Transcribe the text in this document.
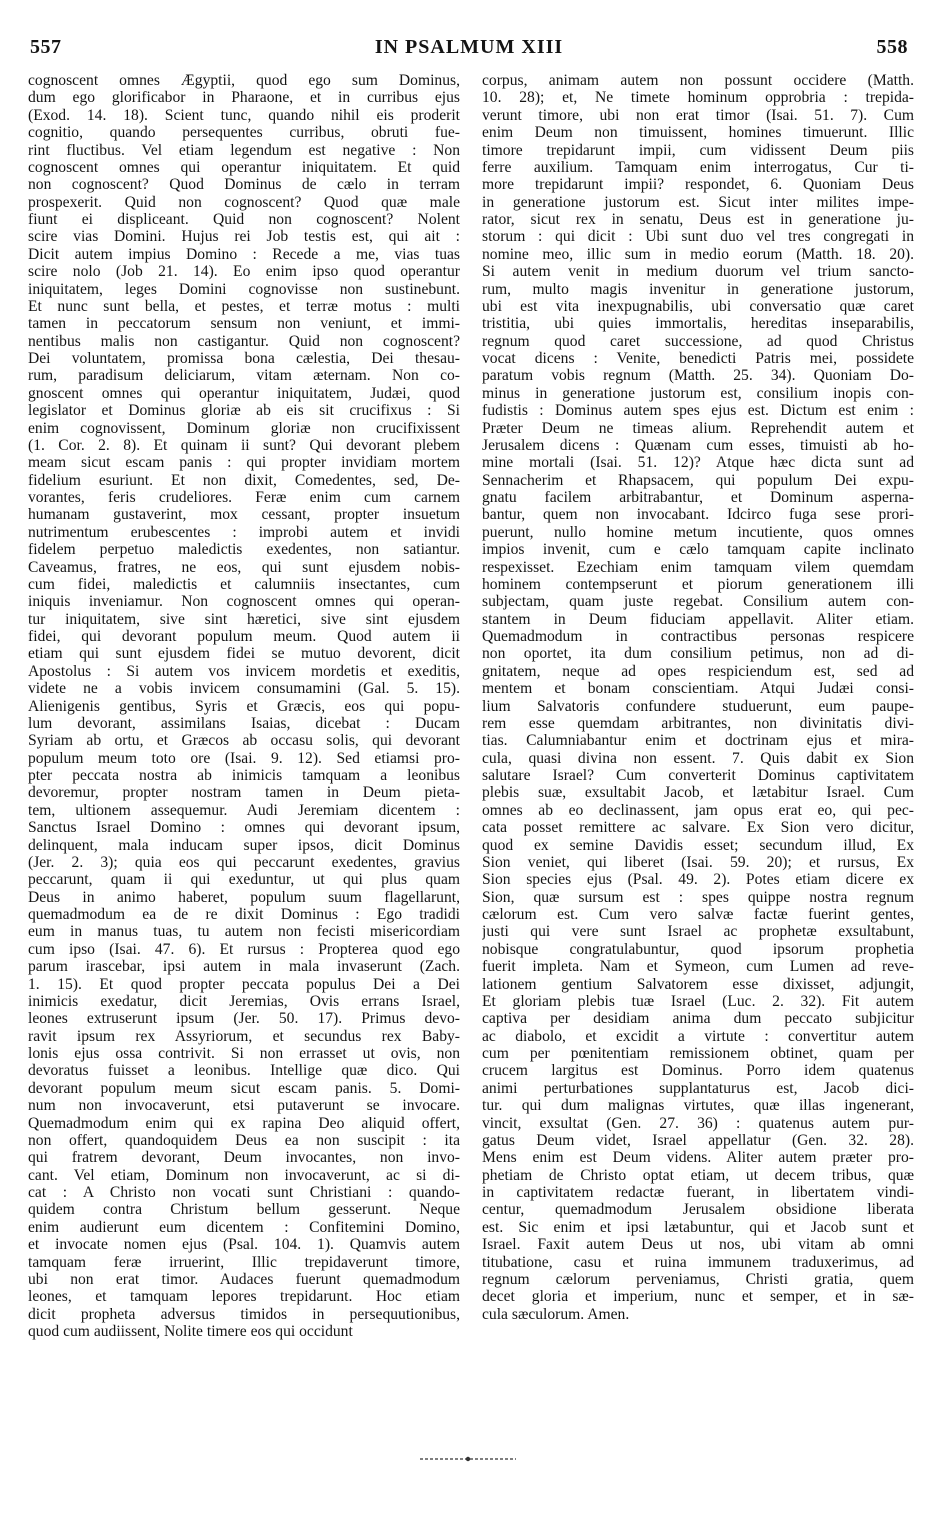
557	IN PSALMUM XIII	558
cognoscent omnes Ægyptii, quod ego sum Dominus,
dum ego glorificabor in Pharaone, et in curribus ejus
(Exod. 14. 18). Scient tunc, quando nihil eis proderit
cognitio, quando persequentes curribus, obruti fue-
rint fluctibus. Vel etiam legendum est negative : Non
cognoscent omnes qui operantur iniquitatem. Et quid
non cognoscent? Quod Dominus de cælo in terram
prospexerit. Quid non cognoscent? Quod quæ male
fiunt ei displiceant. Quid non cognoscent? Nolent
scire vias Domini. Hujus rei Job testis est, qui ait :
Dicit autem impius Domino : Recede a me, vias tuas
scire nolo (Job 21. 14). Eo enim ipso quod operantur
iniquitatem, leges Domini cognovisse non sustinebunt.
Et nunc sunt bella, et pestes, et terræ motus : multi
tamen in peccatorum sensum non veniunt, et immi-
nentibus malis non castigantur. Quid non cognoscent?
Dei voluntatem, promissa bona cælestia, Dei thesau-
rum, paradisum deliciarum, vitam æternam. Non co-
gnoscent omnes qui operantur iniquitatem, Judæi, quod
legislator et Dominus gloriæ ab eis sit crucifixus : Si
enim cognovissent, Dominum gloriæ non crucifixissent
(1. Cor. 2. 8). Et quinam ii sunt? Qui devorant plebem
meam sicut escam panis : qui propter invidiam mortem
fidelium esuriunt. Et non dixit, Comedentes, sed, De-
vorantes, feris crudeliores. Feræ enim cum carnem
humanam gustaverint, mox cessant, propter insuetum
nutrimentum erubescentes : improbi autem et invidi
fidelem perpetuo maledictis exedentes, non satiantur.
Caveamus, fratres, ne eos, qui sunt ejusdem nobis-
cum fidei, maledictis et calumniis insectantes, cum
iniquis inveniamur. Non cognoscent omnes qui operan-
tur iniquitatem, sive sint hæretici, sive sint ejusdem
fidei, qui devorant populum meum. Quod autem ii
etiam qui sunt ejusdem fidei se mutuo devorent, dicit
Apostolus : Si autem vos invicem mordetis et exeditis,
videte ne a vobis invicem consumamini (Gal. 5. 15).
Alienigenis gentibus, Syris et Græcis, eos qui popu-
lum devorant, assimilans Isaias, dicebat : Ducam
Syriam ab ortu, et Græcos ab occasu solis, qui devorant
populum meum toto ore (Isai. 9. 12). Sed etiamsi pro-
pter peccata nostra ab inimicis tamquam a leonibus
devoremur, propter nostram tamen in Deum pieta-
tem, ultionem assequemur. Audi Jeremiam dicentem :
Sanctus Israel Domino : omnes qui devorant ipsum,
delinquent, mala inducam super ipsos, dicit Dominus
(Jer. 2. 3); quia eos qui peccarunt exedentes, gravius
peccarunt, quam ii qui exeduntur, ut qui plus quam
Deus in animo haberet, populum suum flagellarunt,
quemadmodum ea de re dixit Dominus : Ego tradidi
eum in manus tuas, tu autem non fecisti misericordiam
cum ipso (Isai. 47. 6). Et rursus : Propterea quod ego
parum irascebar, ipsi autem in mala invaserunt (Zach.
1. 15). Et quod propter peccata populus Dei a Dei
inimicis exedatur, dicit Jeremias, Ovis errans Israel,
leones extruserunt ipsum (Jer. 50. 17). Primus devo-
ravit ipsum rex Assyriorum, et secundus rex Baby-
lonis ejus ossa contrivit. Si non errasset ut ovis, non
devoratus fuisset a leonibus. Intellige quæ dico. Qui
devorant populum meum sicut escam panis. 5. Domi-
num non invocaverunt, etsi putaverunt se invocare.
Quemadmodum enim qui ex rapina Deo aliquid offert,
non offert, quandoquidem Deus ea non suscipit : ita
qui fratrem devorant, Deum invocantes, non invo-
cant. Vel etiam, Dominum non invocaverunt, ac si di-
cat : A Christo non vocati sunt Christiani : quando-
quidem contra Christum bellum gesserunt. Neque
enim audierunt eum dicentem : Confitemini Domino,
et invocate nomen ejus (Psal. 104. 1). Quamvis autem
tamquam feræ irruerint, Illic trepidaverunt timore,
ubi non erat timor. Audaces fuerunt quemadmodum
leones, et tamquam lepores trepidarunt. Hoc etiam
dicit propheta adversus timidos in persequutionibus,
quod cum audiissent, Nolite timere eos qui occidunt
corpus, animam autem non possunt occidere (Matth.
10. 28); et, Ne timete hominum opprobria : trepida-
verunt timore, ubi non erat timor (Isai. 51. 7). Cum
enim Deum non timuissent, homines timuerunt. Illic
timore trepidarunt impii, cum vidissent Deum piis
ferre auxilium. Tamquam enim interrogatus, Cur ti-
more trepidarunt impii? respondet, 6. Quoniam Deus
in generatione justorum est. Sicut inter milites impe-
rator, sicut rex in senatu, Deus est in generatione ju-
storum : qui dicit : Ubi sunt duo vel tres congregati in
nomine meo, illic sum in medio eorum (Matth. 18. 20).
Si autem venit in medium duorum vel trium sancto-
rum, multo magis invenitur in generatione justorum,
ubi est vita inexpugnabilis, ubi conversatio quæ caret
tristitia, ubi quies immortalis, hereditas inseparabilis,
regnum quod caret successione, ad quod Christus
vocat dicens : Venite, benedicti Patris mei, possidete
paratum vobis regnum (Matth. 25. 34). Quoniam Do-
minus in generatione justorum est, consilium inopis con-
fudistis : Dominus autem spes ejus est. Dictum est enim :
Præter Deum ne timeas alium. Reprehendit autem et
Jerusalem dicens : Quænam cum esses, timuisti ab ho-
mine mortali (Isai. 51. 12)? Atque hæc dicta sunt ad
Sennacherim et Rhapsacem, qui populum Dei expu-
gnatu facilem arbitrabantur, et Dominum asperna-
bantur, quem non invocabant. Idcirco fuga sese prori-
puerunt, nullo homine metum incutiente, quos omnes
impios invenit, cum e cælo tamquam capite inclinato
respexisset. Ezechiam enim tamquam vilem quemdam
hominem contempserunt et piorum generationem illi
subjectam, quam juste regebat. Consilium autem con-
stantem in Deum fiduciam appellavit. Aliter etiam.
Quemadmodum in contractibus personas respicere
non oportet, ita dum consilium petimus, non ad di-
gnitatem, neque ad opes respiciendum est, sed ad
mentem et bonam conscientiam. Atqui Judæi consi-
lium Salvatoris confundere studuerunt, eum paupe-
rem esse quemdam arbitrantes, non divinitatis divi-
tias. Calumniabantur enim et doctrinam ejus et mira-
cula, quasi divina non essent. 7. Quis dabit ex Sion
salutare Israel? Cum converterit Dominus captivitatem
plebis suæ, exsultabit Jacob, et lætabitur Israel. Cum
omnes ab eo declinassent, jam opus erat eo, qui pec-
cata posset remittere ac salvare. Ex Sion vero dicitur,
quod ex semine Davidis esset; secundum illud, Ex
Sion veniet, qui liberet (Isai. 59. 20); et rursus, Ex
Sion species ejus (Psal. 49. 2). Potes etiam dicere ex
Sion, quæ sursum est : spes quippe nostra regnum
cælorum est. Cum vero salvæ factæ fuerint gentes,
justi qui vere sunt Israel ac prophetæ exsultabunt,
nobisque congratulabuntur, quod ipsorum prophetia
fuerit impleta. Nam et Symeon, cum Lumen ad reve-
lationem gentium Salvatorem esse dixisset, adjungit,
Et gloriam plebis tuæ Israel (Luc. 2. 32). Fit autem
captiva per desidiam anima dum peccato subjicitur
ac diabolo, et excidit a virtute : convertitur autem
cum per pœnitentiam remissionem obtinet, quam per
crucem largitus est Dominus. Porro idem quatenus
animi perturbationes supplantaturus est, Jacob dici-
tur. qui dum malignas virtutes, quæ illas ingenerant,
vincit, exsultat (Gen. 27. 36) : quatenus autem pur-
gatus Deum videt, Israel appellatur (Gen. 32. 28).
Mens enim est Deum videns. Aliter autem præter pro-
phetiam de Christo optat etiam, ut decem tribus, quæ
in captivitatem redactæ fuerant, in libertatem vindi-
centur, quemadmodum Jerusalem obsidione liberata
est. Sic enim et ipsi lætabuntur, qui et Jacob sunt et
Israel. Faxit autem Deus ut nos, ubi vitam ab omni
titubatione, casu et ruina immunem traduxerimus, ad
regnum cælorum perveniamus, Christi gratia, quem
decet gloria et imperium, nunc et semper, et in sæ-
cula sæculorum. Amen.
